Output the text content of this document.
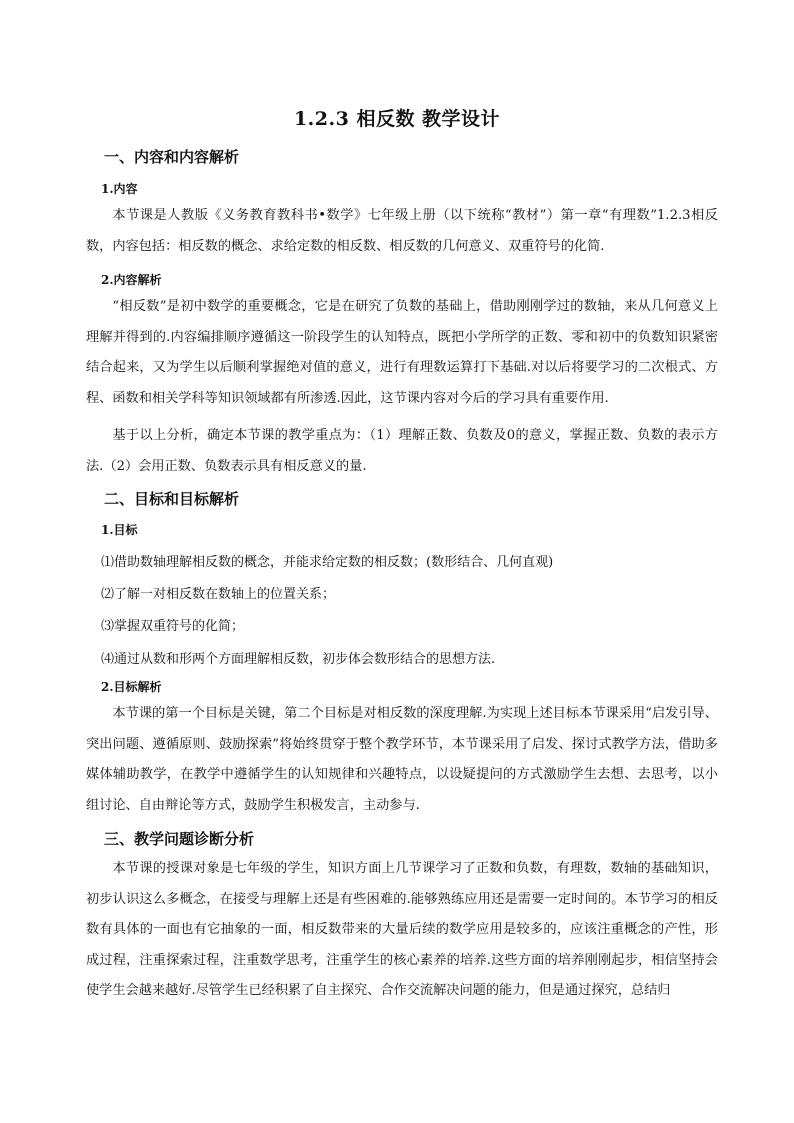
1.2.3 相反数 教学设计
一、内容和内容解析
1.内容

本节课是人教版《义务教育教科书•数学》七年级上册（以下统称“教材”）第一章“有理数”1.2.3相反数，内容包括：相反数的概念、求给定数的相反数、相反数的几何意义、双重符号的化简.

2.内容解析

“相反数”是初中数学的重要概念，它是在研究了负数的基础上，借助刚刚学过的数轴，来从几何意义上理解并得到的.内容编排顺序遵循这一阶段学生的认知特点，既把小学所学的正数、零和初中的负数知识紧密结合起来，又为学生以后顺利掌握绝对值的意义，进行有理数运算打下基础.对以后将要学习的二次根式、方程、函数和相关学科等知识领域都有所渗透.因此，这节课内容对今后的学习具有重要作用.

基于以上分析，确定本节课的教学重点为：（1）理解正数、负数及0的意义，掌握正数、负数的表示方法.（2）会用正数、负数表示具有相反意义的量.

二、目标和目标解析
1.目标

⑴借助数轴理解相反数的概念，并能求给定数的相反数；(数形结合、几何直观)

⑵了解一对相反数在数轴上的位置关系；

⑶掌握双重符号的化简；

⑷通过从数和形两个方面理解相反数，初步体会数形结合的思想方法.

2.目标解析

本节课的第一个目标是关键，第二个目标是对相反数的深度理解.为实现上述目标本节课采用“启发引导、突出问题、遵循原则、鼓励探索”将始终贯穿于整个教学环节，本节课采用了启发、探讨式教学方法，借助多媒体辅助教学，在教学中遵循学生的认知规律和兴趣特点，以设疑提问的方式激励学生去想、去思考，以小组讨论、自由辩论等方式，鼓励学生积极发言，主动参与.

三、教学问题诊断分析

本节课的授课对象是七年级的学生，知识方面上几节课学习了正数和负数，有理数，数轴的基础知识，初步认识这么多概念，在接受与理解上还是有些困难的.能够熟练应用还是需要一定时间的。本节学习的相反数有具体的一面也有它抽象的一面，相反数带来的大量后续的数学应用是较多的，应该注重概念的产性，形成过程，注重探索过程，注重数学思考，注重学生的核心素养的培养.这些方面的培养刚刚起步，相信坚持会使学生会越来越好.尽管学生已经积累了自主探究、合作交流解决问题的能力，但是通过探究，总结归
